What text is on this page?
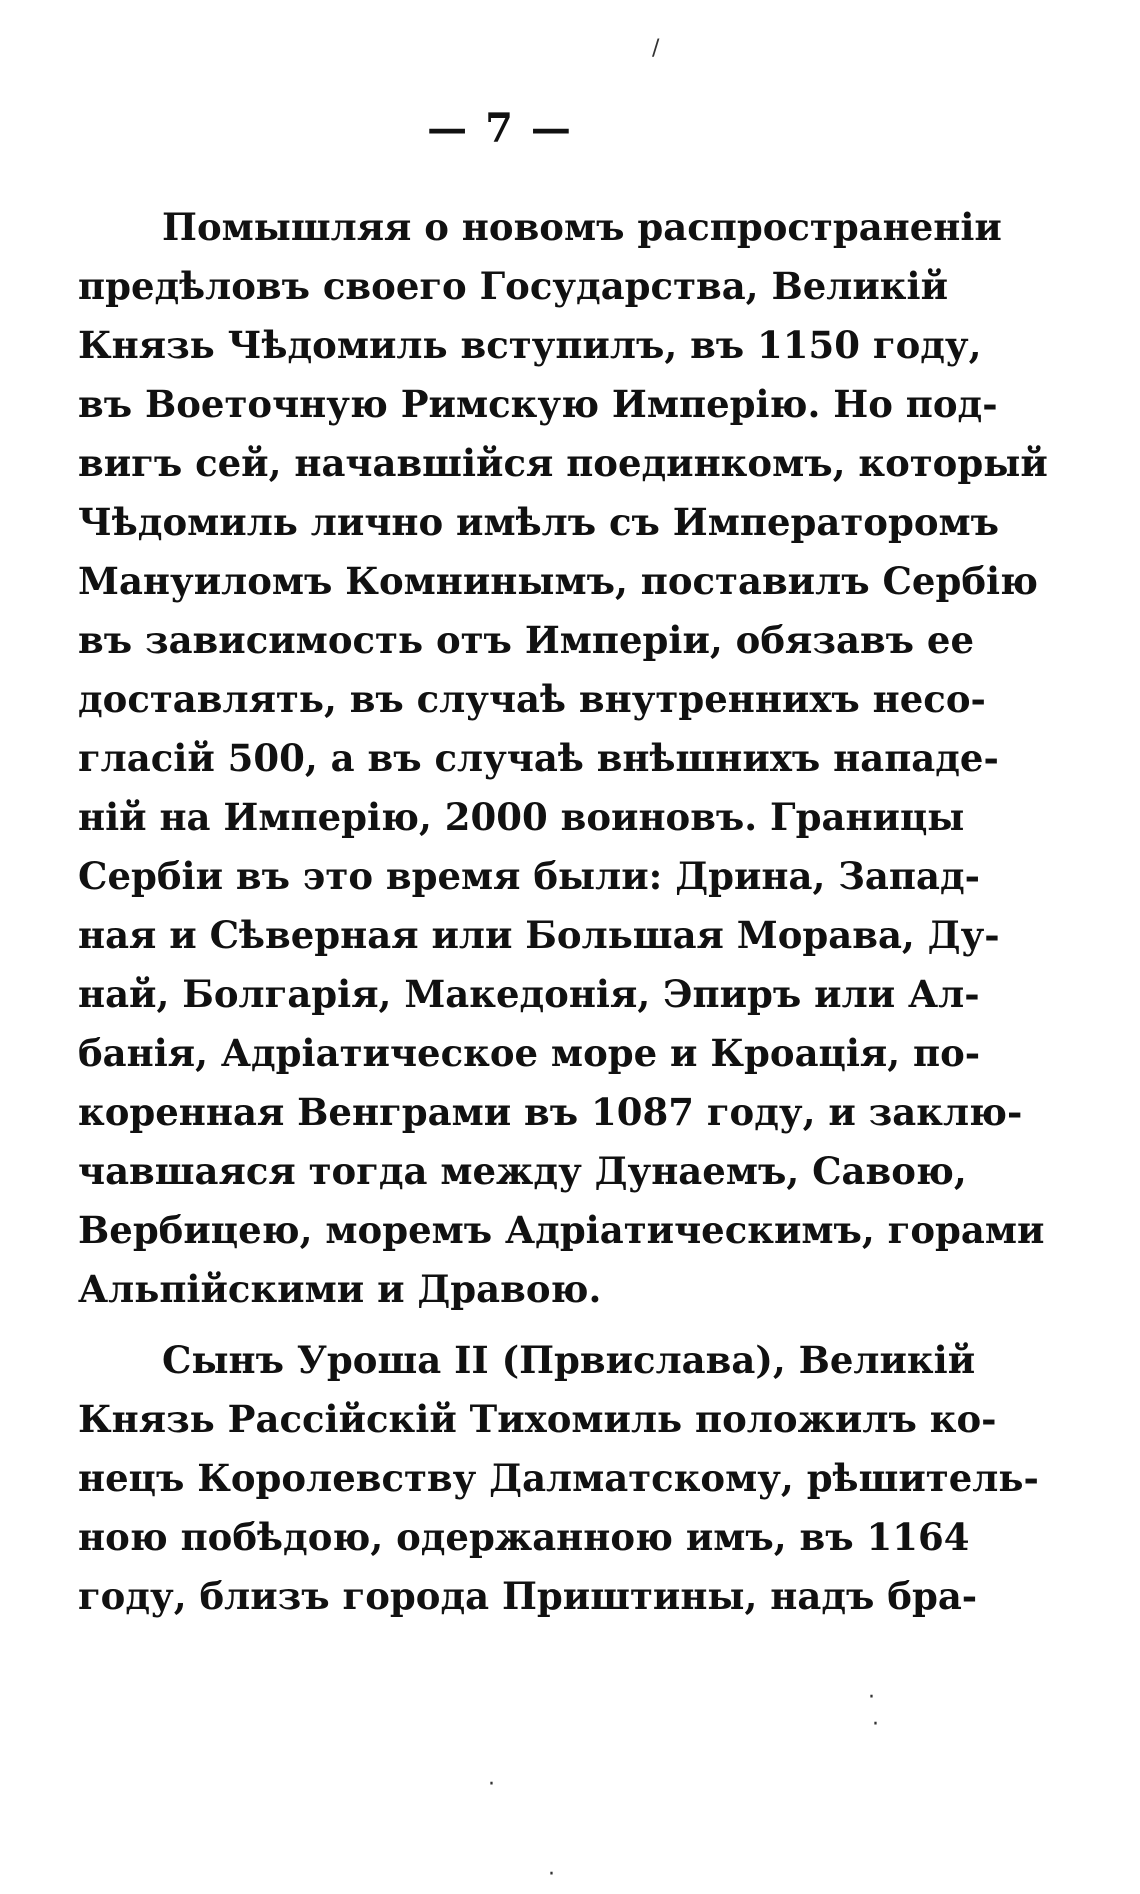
— 7 —
Помышляя о новомъ распространенiи
предѣловъ своего Государства, Великiй
Князь Чѣдомиль вступилъ, въ 1150 году,
въ Воеточную Римскую Имперiю. Но под-
вигъ сей, начавшiйся поединкомъ, который
Чѣдомиль лично имѣлъ съ Императоромъ
Мануиломъ Комнинымъ, поставилъ Сербiю
въ зависимость отъ Имперiи, обязавъ ее
доставлять, въ случаѣ внутреннихъ несо-
гласiй 500, а въ случаѣ внѣшнихъ нападе-
нiй на Имперiю, 2000 воиновъ. Границы
Сербiи въ это время были: Дрина, Запад-
ная и Сѣверная или Большая Морава, Ду-
най, Болгарiя, Македонiя, Эпиръ или Ал-
банiя, Адрiатическое море и Кроацiя, по-
коренная Венграми въ 1087 году, и заклю-
чавшаяся тогда между Дунаемъ, Савою,
Вербицею, моремъ Адрiатическимъ, горами
Альпiйскими и Дравою.
Сынъ Уроша II (Првислава), Великiй
Князь Рассiйскiй Тихомиль положилъ ко-
нецъ Королевству Далматскому, рѣшитель-
ною побѣдою, одержанною имъ, въ 1164
году, близъ города Приштины, надъ бра-
/
·
·
·
·
